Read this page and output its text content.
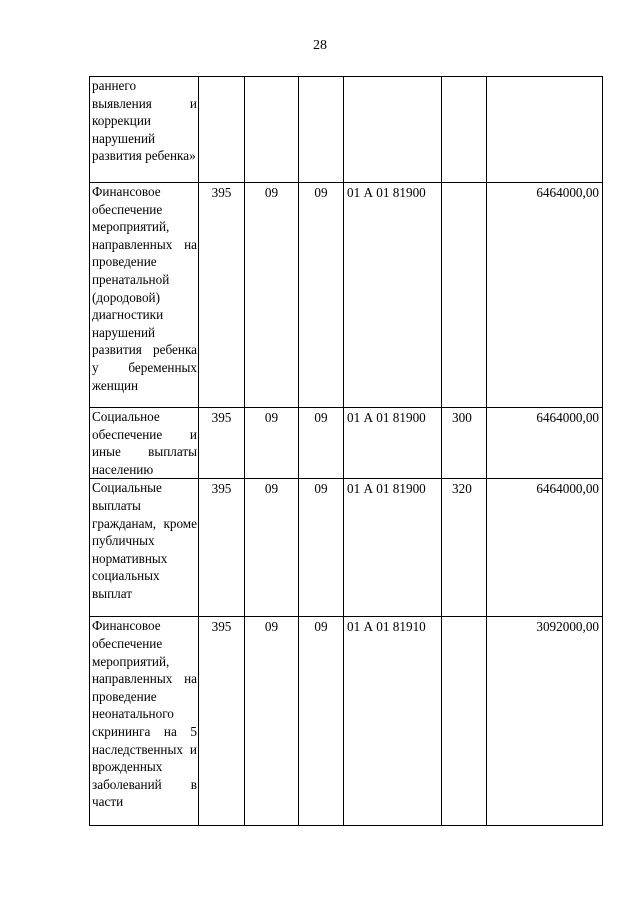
28
раннего выявления и коррекции нарушений развития ребенка»						
Финансовое обеспечение мероприятий, направленных на проведение пренатальной (дородовой) диагностики нарушений развития ребенка у беременных женщин	395	09	09	01 А 01 81900		6464000,00
Социальное обеспечение и иные выплаты населению	395	09	09	01 А 01 81900	300	6464000,00
Социальные выплаты гражданам, кроме публичных нормативных социальных выплат	395	09	09	01 А 01 81900	320	6464000,00
Финансовое обеспечение мероприятий, направленных на проведение неонатального скрининга на 5 наследственных и врожденных заболеваний в части	395	09	09	01 А 01 81910		3092000,00
